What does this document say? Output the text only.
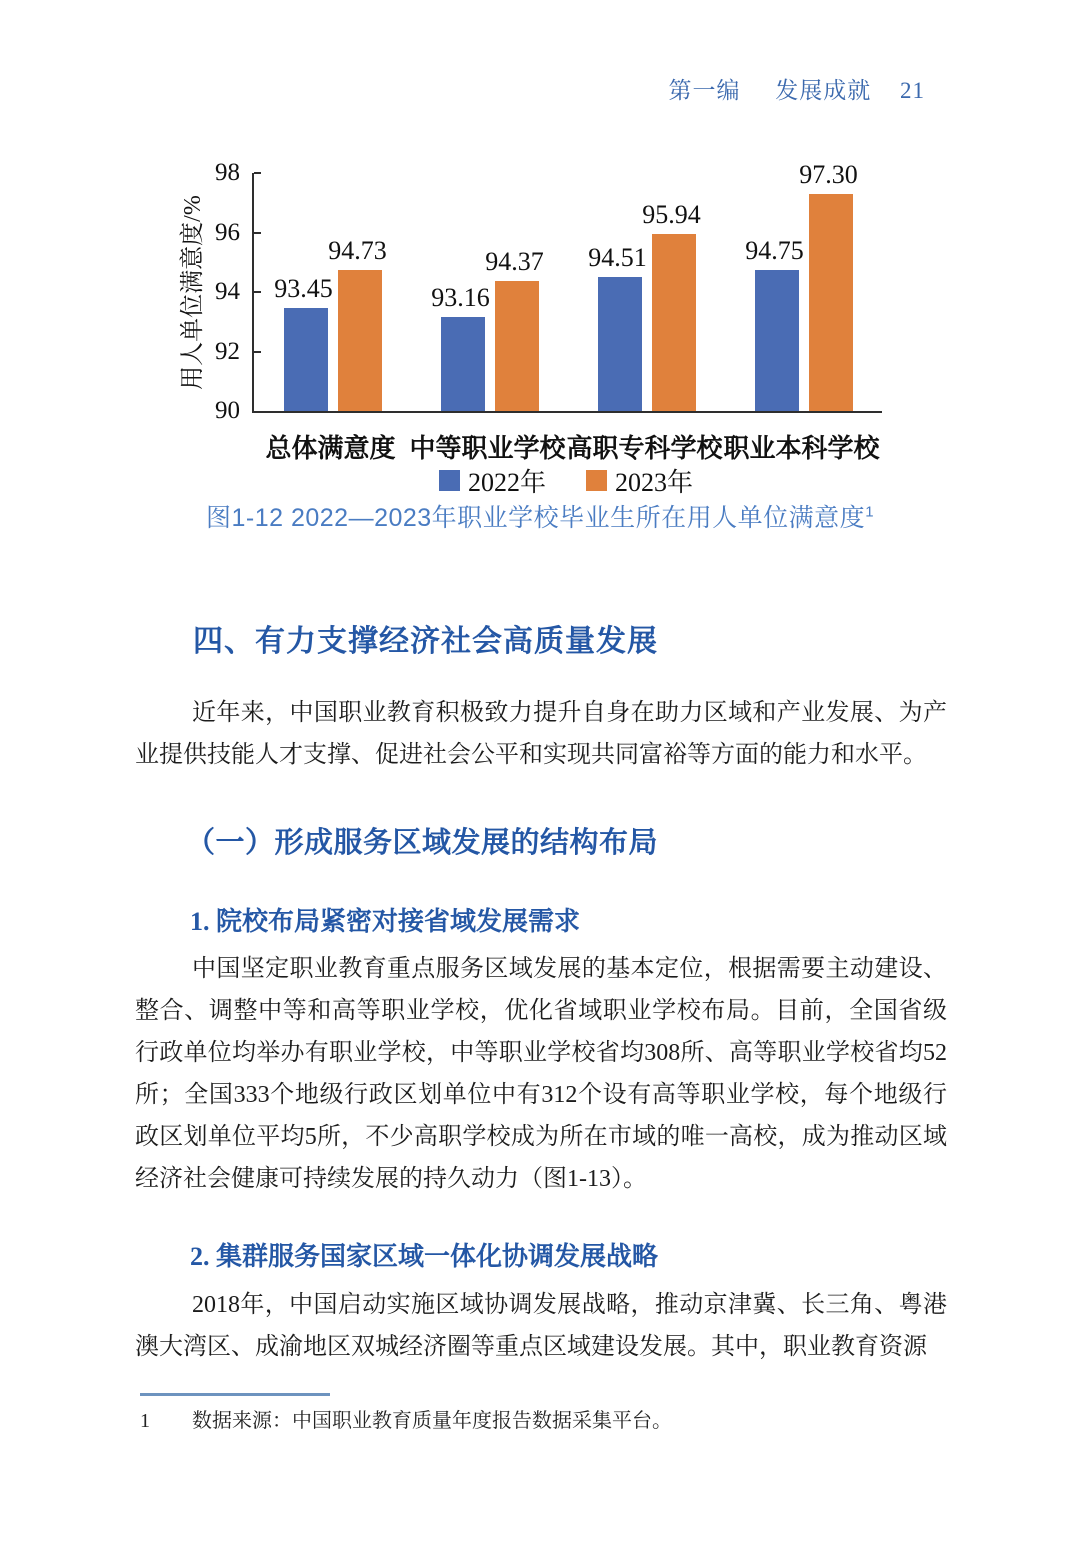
第一编 发展成就 21
用人单位满意度/%
90
92
94
96
98
93.45
94.73
93.16
94.37	94.51
95.94
94.75
97.30
总体满意度 中等职业学校 高职专科学校 职业本科学校
2022年	2023年
图1-12 2022—2023年职业学校毕业生所在用人单位满意度$^1$
四、有力支撑经济社会高质量发展

近年来，中国职业教育积极致力提升自身在助力区域和产业发展、为产业提供技能人才支撑、促进社会公平和实现共同富裕等方面的能力和水平。

（一）形成服务区域发展的结构布局
1. 院校布局紧密对接省域发展需求

中国坚定职业教育重点服务区域发展的基本定位，根据需要主动建设、整合、调整中等和高等职业学校，优化省域职业学校布局。目前，全国省级行政单位均举办有职业学校，中等职业学校省均308所、高等职业学校省均52所；全国333个地级行政区划单位中有312个设有高等职业学校，每个地级行政区划单位平均5所，不少高职学校成为所在市域的唯一高校，成为推动区域经济社会健康可持续发展的持久动力（图1-13）。

2. 集群服务国家区域一体化协调发展战略

2018年，中国启动实施区域协调发展战略，推动京津冀、长三角、粤港澳大湾区、成渝地区双城经济圈等重点区域建设发展。其中，职业教育资源

1 数据来源：中国职业教育质量年度报告数据采集平台。
